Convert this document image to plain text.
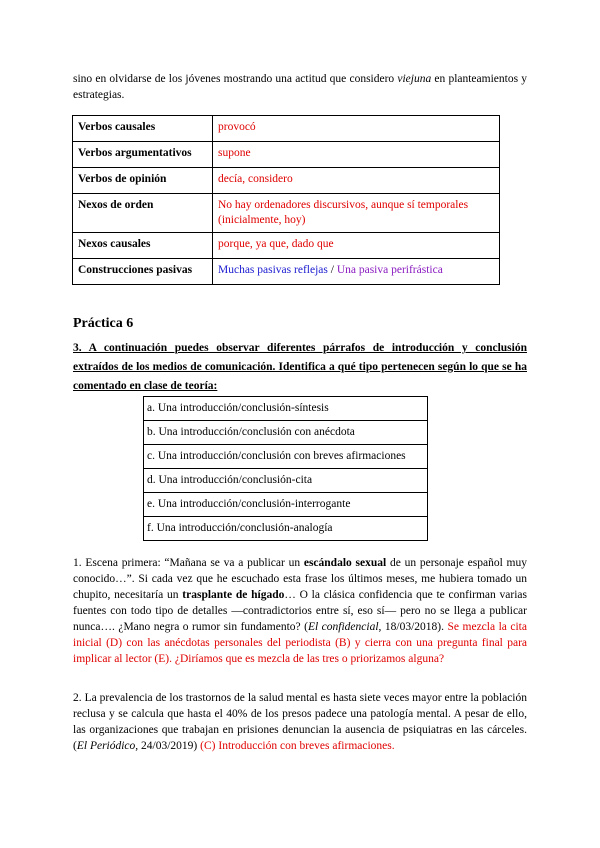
sino en olvidarse de los jóvenes mostrando una actitud que considero viejuna en planteamientos y estrategias.
Verbos causales	provocó
Verbos argumentativos	supone
Verbos de opinión	decía, considero
Nexos de orden	No hay ordenadores discursivos, aunque sí temporales (inicialmente, hoy)
Nexos causales	porque, ya que, dado que
Construcciones pasivas	Muchas pasivas reflejas / Una pasiva perifrástica
Práctica 6
3. A continuación puedes observar diferentes párrafos de introducción y conclusión extraídos de los medios de comunicación. Identifica a qué tipo pertenecen según lo que se ha comentado en clase de teoría:
a. Una introducción/conclusión-síntesis
b. Una introducción/conclusión con anécdota
c. Una introducción/conclusión con breves afirmaciones
d. Una introducción/conclusión-cita
e. Una introducción/conclusión-interrogante
f. Una introducción/conclusión-analogía
1. Escena primera: “Mañana se va a publicar un escándalo sexual de un personaje español muy conocido…”. Si cada vez que he escuchado esta frase los últimos meses, me hubiera tomado un chupito, necesitaría un trasplante de hígado… O la clásica confidencia que te confirman varias fuentes con todo tipo de detalles —contradictorios entre sí, eso sí— pero no se llega a publicar nunca…. ¿Mano negra o rumor sin fundamento? (El confidencial, 18/03/2018). Se mezcla la cita inicial (D) con las anécdotas personales del periodista (B) y cierra con una pregunta final para implicar al lector (E). ¿Diríamos que es mezcla de las tres o priorizamos alguna?
2. La prevalencia de los trastornos de la salud mental es hasta siete veces mayor entre la población reclusa y se calcula que hasta el 40% de los presos padece una patología mental. A pesar de ello, las organizaciones que trabajan en prisiones denuncian la ausencia de psiquiatras en las cárceles. (El Periódico, 24/03/2019) (C) Introducción con breves afirmaciones.
